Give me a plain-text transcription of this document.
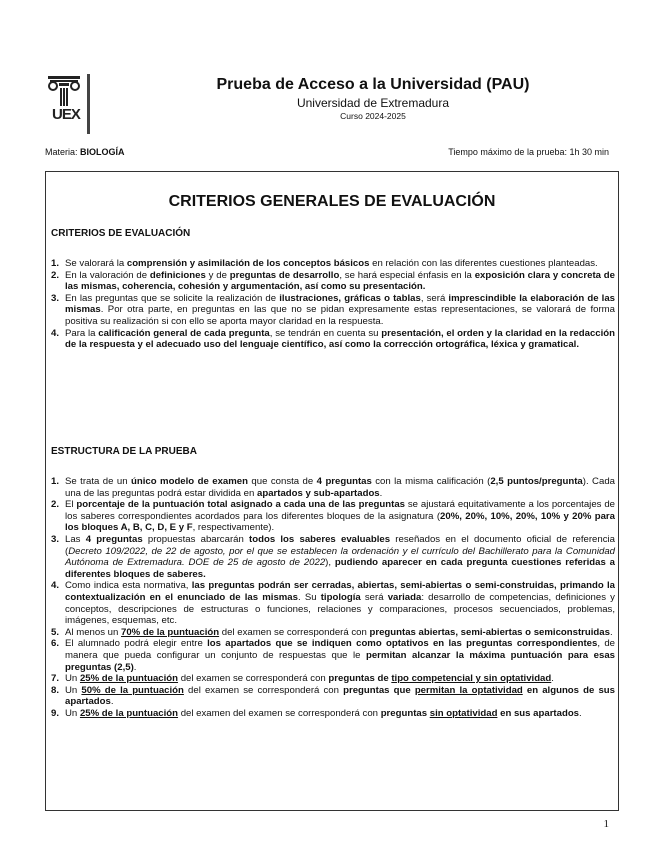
UEX
Prueba de Acceso a la Universidad (PAU)
Universidad de Extremadura
Curso 2024-2025
Materia: BIOLOGÍA	Tiempo máximo de la prueba: 1h 30 min
CRITERIOS GENERALES DE EVALUACIÓN
CRITERIOS DE EVALUACIÓN
1. Se valorará la comprensión y asimilación de los conceptos básicos en relación con las diferentes cuestiones planteadas.
2. En la valoración de definiciones y de preguntas de desarrollo, se hará especial énfasis en la exposición clara y concreta de las mismas, coherencia, cohesión y argumentación, así como su presentación.
3. En las preguntas que se solicite la realización de ilustraciones, gráficas o tablas, será imprescindible la elaboración de las mismas. Por otra parte, en preguntas en las que no se pidan expresamente estas representaciones, se valorará de forma positiva su realización si con ello se aporta mayor claridad en la respuesta.
4. Para la calificación general de cada pregunta, se tendrán en cuenta su presentación, el orden y la claridad en la redacción de la respuesta y el adecuado uso del lenguaje científico, así como la corrección ortográfica, léxica y gramatical.
ESTRUCTURA DE LA PRUEBA
1. Se trata de un único modelo de examen que consta de 4 preguntas con la misma calificación (2,5 puntos/pregunta). Cada una de las preguntas podrá estar dividida en apartados y sub-apartados.
2. El porcentaje de la puntuación total asignado a cada una de las preguntas se ajustará equitativamente a los porcentajes de los saberes correspondientes acordados para los diferentes bloques de la asignatura (20%, 20%, 10%, 20%, 10% y 20% para los bloques A, B, C, D, E y F, respectivamente).
3. Las 4 preguntas propuestas abarcarán todos los saberes evaluables reseñados en el documento oficial de referencia (Decreto 109/2022, de 22 de agosto, por el que se establecen la ordenación y el currículo del Bachillerato para la Comunidad Autónoma de Extremadura. DOE de 25 de agosto de 2022), pudiendo aparecer en cada pregunta cuestiones referidas a diferentes bloques de saberes.
4. Como indica esta normativa, las preguntas podrán ser cerradas, abiertas, semi-abiertas o semi-construidas, primando la contextualización en el enunciado de las mismas. Su tipología será variada: desarrollo de competencias, definiciones y conceptos, descripciones de estructuras o funciones, relaciones y comparaciones, procesos secuenciados, problemas, imágenes, esquemas, etc.
5. Al menos un 70% de la puntuación del examen se corresponderá con preguntas abiertas, semi-abiertas o semiconstruidas.
6. El alumnado podrá elegir entre los apartados que se indiquen como optativos en las preguntas correspondientes, de manera que pueda configurar un conjunto de respuestas que le permitan alcanzar la máxima puntuación para esas preguntas (2,5).
7. Un 25% de la puntuación del examen se corresponderá con preguntas de tipo competencial y sin optatividad.
8. Un 50% de la puntuación del examen se corresponderá con preguntas que permitan la optatividad en algunos de sus apartados.
9. Un 25% de la puntuación del examen del examen se corresponderá con preguntas sin optatividad en sus apartados.
1
